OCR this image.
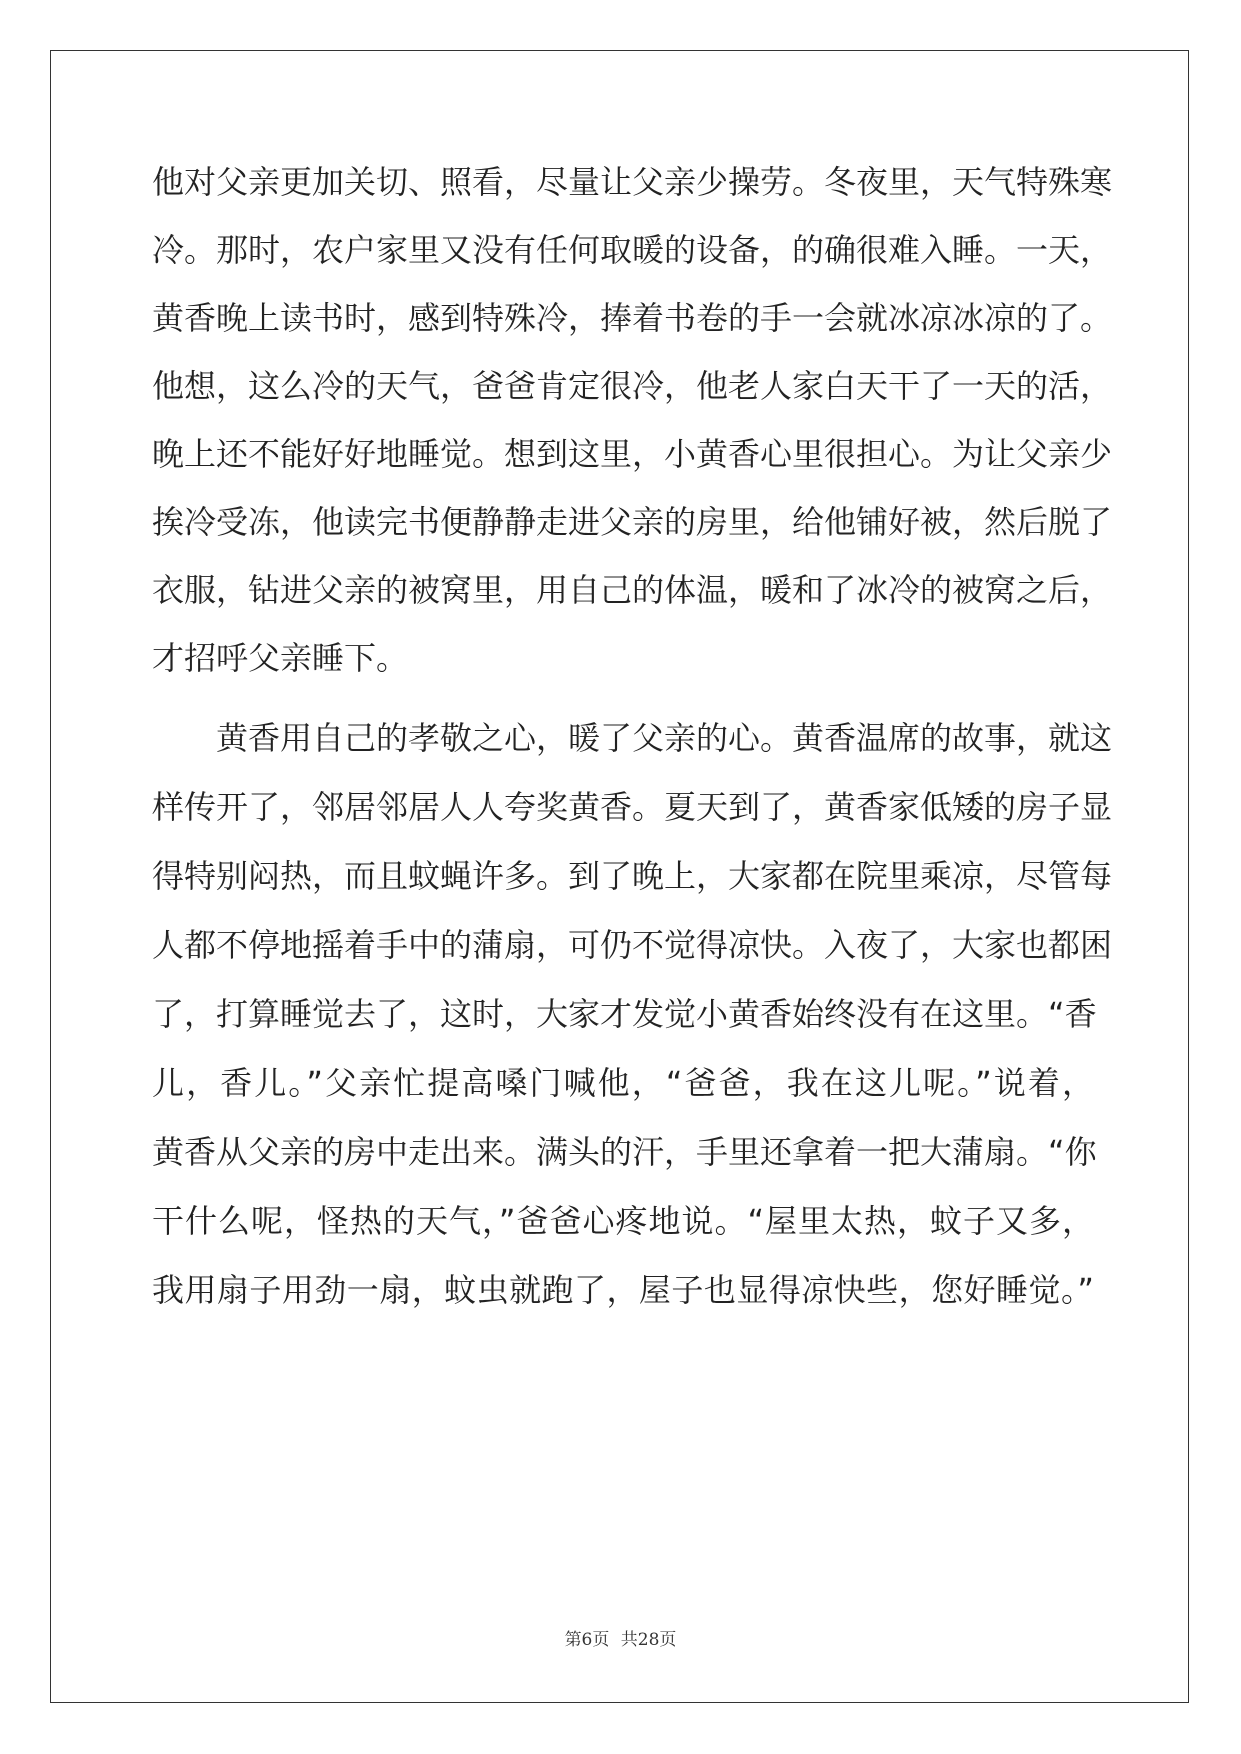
他对父亲更加关切、照看，尽量让父亲少操劳。冬夜里，天气特殊寒
冷。那时，农户家里又没有任何取暖的设备，的确很难入睡。一天，
黄香晚上读书时，感到特殊冷，捧着书卷的手一会就冰凉冰凉的了。
他想，这么冷的天气，爸爸肯定很冷，他老人家白天干了一天的活，
晚上还不能好好地睡觉。想到这里，小黄香心里很担心。为让父亲少
挨冷受冻，他读完书便静静走进父亲的房里，给他铺好被，然后脱了
衣服，钻进父亲的被窝里，用自己的体温，暖和了冰冷的被窝之后，
才招呼父亲睡下。
黄香用自己的孝敬之心，暖了父亲的心。黄香温席的故事，就这
样传开了，邻居邻居人人夸奖黄香。夏天到了，黄香家低矮的房子显
得特别闷热，而且蚊蝇许多。到了晚上，大家都在院里乘凉，尽管每
人都不停地摇着手中的蒲扇，可仍不觉得凉快。入夜了，大家也都困
了，打算睡觉去了，这时，大家才发觉小黄香始终没有在这里。“香
儿，香儿。”父亲忙提高嗓门喊他，“爸爸，我在这儿呢。”说着，
黄香从父亲的房中走出来。满头的汗，手里还拿着一把大蒲扇。“你
干什么呢，怪热的天气，”爸爸心疼地说。“屋里太热，蚊子又多，
我用扇子用劲一扇，蚊虫就跑了，屋子也显得凉快些，您好睡觉。”
第6页 共28页
